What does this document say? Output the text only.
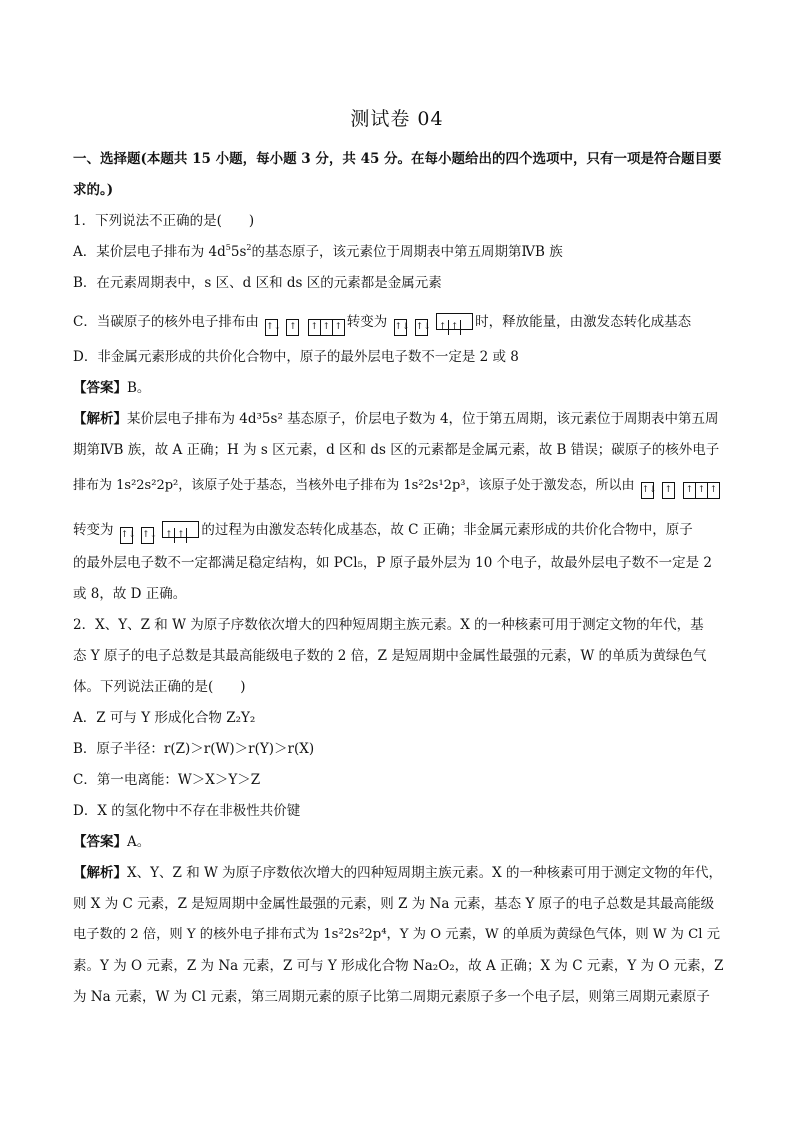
测试卷 04
一、选择题(本题共 15 小题，每小题 3 分，共 45 分。在每小题给出的四个选项中，只有一项是符合题目要
求的。)
1．下列说法不正确的是(　　)
A．某价层电子排布为 $4d^55s^2$的基态原子，该元素位于周期表中第五周期第ⅣB 族
B．在元素周期表中，s 区、d 区和 ds 区的元素都是金属元素
C．当碳原子的核外电子排布由 ↑↓ ↑ ↑ ↑ ↑ 转变为 ↑↓ ↑↓ ↑ ↑ 时，释放能量，由激发态转化成基态
D．非金属元素形成的共价化合物中，原子的最外层电子数不一定是 2 或 8
【答案】B。
【解析】某价层电子排布为 4d³5s² 基态原子，价层电子数为 4，位于第五周期，该元素位于周期表中第五周
期第ⅣB 族，故 A 正确；H 为 s 区元素，d 区和 ds 区的元素都是金属元素，故 B 错误；碳原子的核外电子
排布为 1s²2s²2p²，该原子处于基态，当核外电子排布为 1s²2s¹2p³，该原子处于激发态，所以由 ↑↓ ↑ ↑ ↑ ↑
转变为 ↑↓ ↑↓ ↑ ↑ 的过程为由激发态转化成基态，故 C 正确；非金属元素形成的共价化合物中，原子
的最外层电子数不一定都满足稳定结构，如 PCl₅，P 原子最外层为 10 个电子，故最外层电子数不一定是 2
或 8，故 D 正确。
2．X、Y、Z 和 W 为原子序数依次增大的四种短周期主族元素。X 的一种核素可用于测定文物的年代，基
态 Y 原子的电子总数是其最高能级电子数的 2 倍，Z 是短周期中金属性最强的元素，W 的单质为黄绿色气
体。下列说法正确的是(　　)
A．Z 可与 Y 形成化合物 Z₂Y₂
B．原子半径：r(Z)＞r(W)＞r(Y)＞r(X)
C．第一电离能：W＞X＞Y＞Z
D．X 的氢化物中不存在非极性共价键
【答案】A。
【解析】X、Y、Z 和 W 为原子序数依次增大的四种短周期主族元素。X 的一种核素可用于测定文物的年代，
则 X 为 C 元素，Z 是短周期中金属性最强的元素，则 Z 为 Na 元素，基态 Y 原子的电子总数是其最高能级
电子数的 2 倍，则 Y 的核外电子排布式为 1s²2s²2p⁴，Y 为 O 元素，W 的单质为黄绿色气体，则 W 为 Cl 元
素。Y 为 O 元素，Z 为 Na 元素，Z 可与 Y 形成化合物 Na₂O₂，故 A 正确；X 为 C 元素，Y 为 O 元素，Z
为 Na 元素，W 为 Cl 元素，第三周期元素的原子比第二周期元素原子多一个电子层，则第三周期元素原子
